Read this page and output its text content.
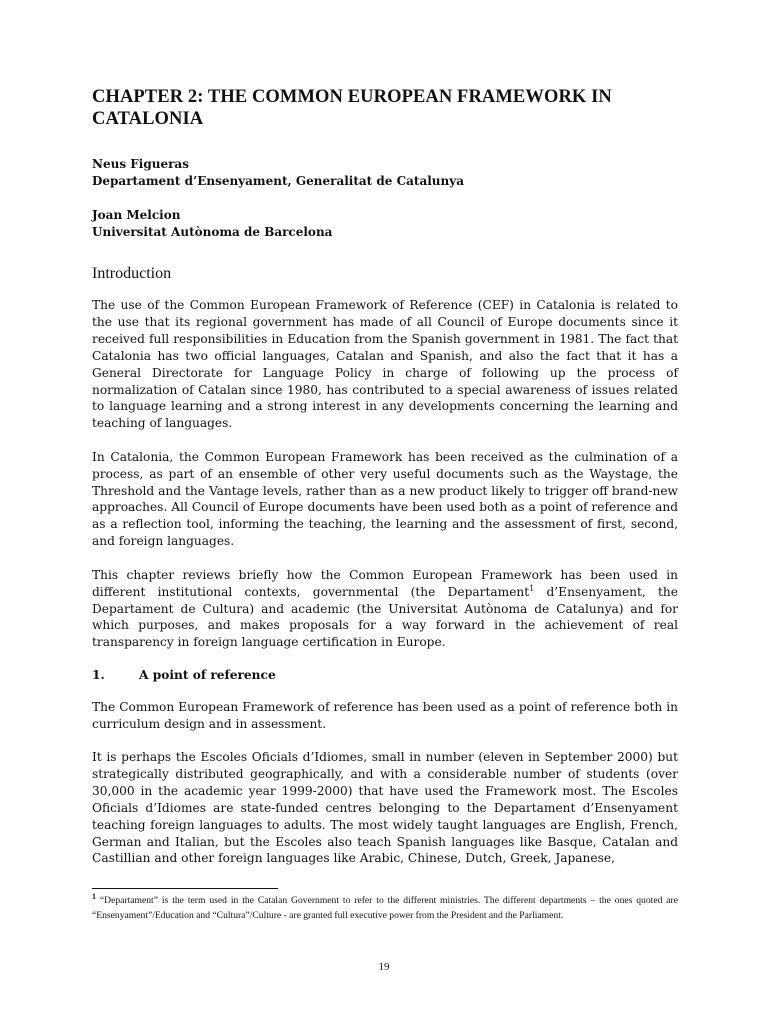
CHAPTER 2: THE COMMON EUROPEAN FRAMEWORK IN CATALONIA
Neus Figueras
Departament d’Ensenyament, Generalitat de Catalunya
Joan Melcion
Universitat Autònoma de Barcelona
Introduction

The use of the Common European Framework of Reference (CEF) in Catalonia is related to the use that its regional government has made of all Council of Europe documents since it received full responsibilities in Education from the Spanish government in 1981. The fact that Catalonia has two official languages, Catalan and Spanish, and also the fact that it has a General Directorate for Language Policy in charge of following up the process of normalization of Catalan since 1980, has contributed to a special awareness of issues related to language learning and a strong interest in any developments concerning the learning and teaching of languages.

In Catalonia, the Common European Framework has been received as the culmination of a process, as part of an ensemble of other very useful documents such as the Waystage, the Threshold and the Vantage levels, rather than as a new product likely to trigger off brand-new approaches. All Council of Europe documents have been used both as a point of reference and as a reflection tool, informing the teaching, the learning and the assessment of first, second, and foreign languages.

This chapter reviews briefly how the Common European Framework has been used in different institutional contexts, governmental (the Departament$^1$ d’Ensenyament, the Departament de Cultura) and academic (the Universitat Autònoma de Catalunya) and for which purposes, and makes proposals for a way forward in the achievement of real transparency in foreign language certification in Europe.

1.	A point of reference

The Common European Framework of reference has been used as a point of reference both in curriculum design and in assessment.

It is perhaps the Escoles Oficials d’Idiomes, small in number (eleven in September 2000) but strategically distributed geographically, and with a considerable number of students (over 30,000 in the academic year 1999-2000) that have used the Framework most. The Escoles Oficials d’Idiomes are state-funded centres belonging to the Departament d’Ensenyament teaching foreign languages to adults. The most widely taught languages are English, French, German and Italian, but the Escoles also teach Spanish languages like Basque, Catalan and Castillian and other foreign languages like Arabic, Chinese, Dutch, Greek, Japanese,

$^1$ “Departament” is the term used in the Catalan Government to refer to the different ministries. The different departments – the ones quoted are “Ensenyament”/Education and “Cultura”/Culture - are granted full executive power from the President and the Parliament.
19
